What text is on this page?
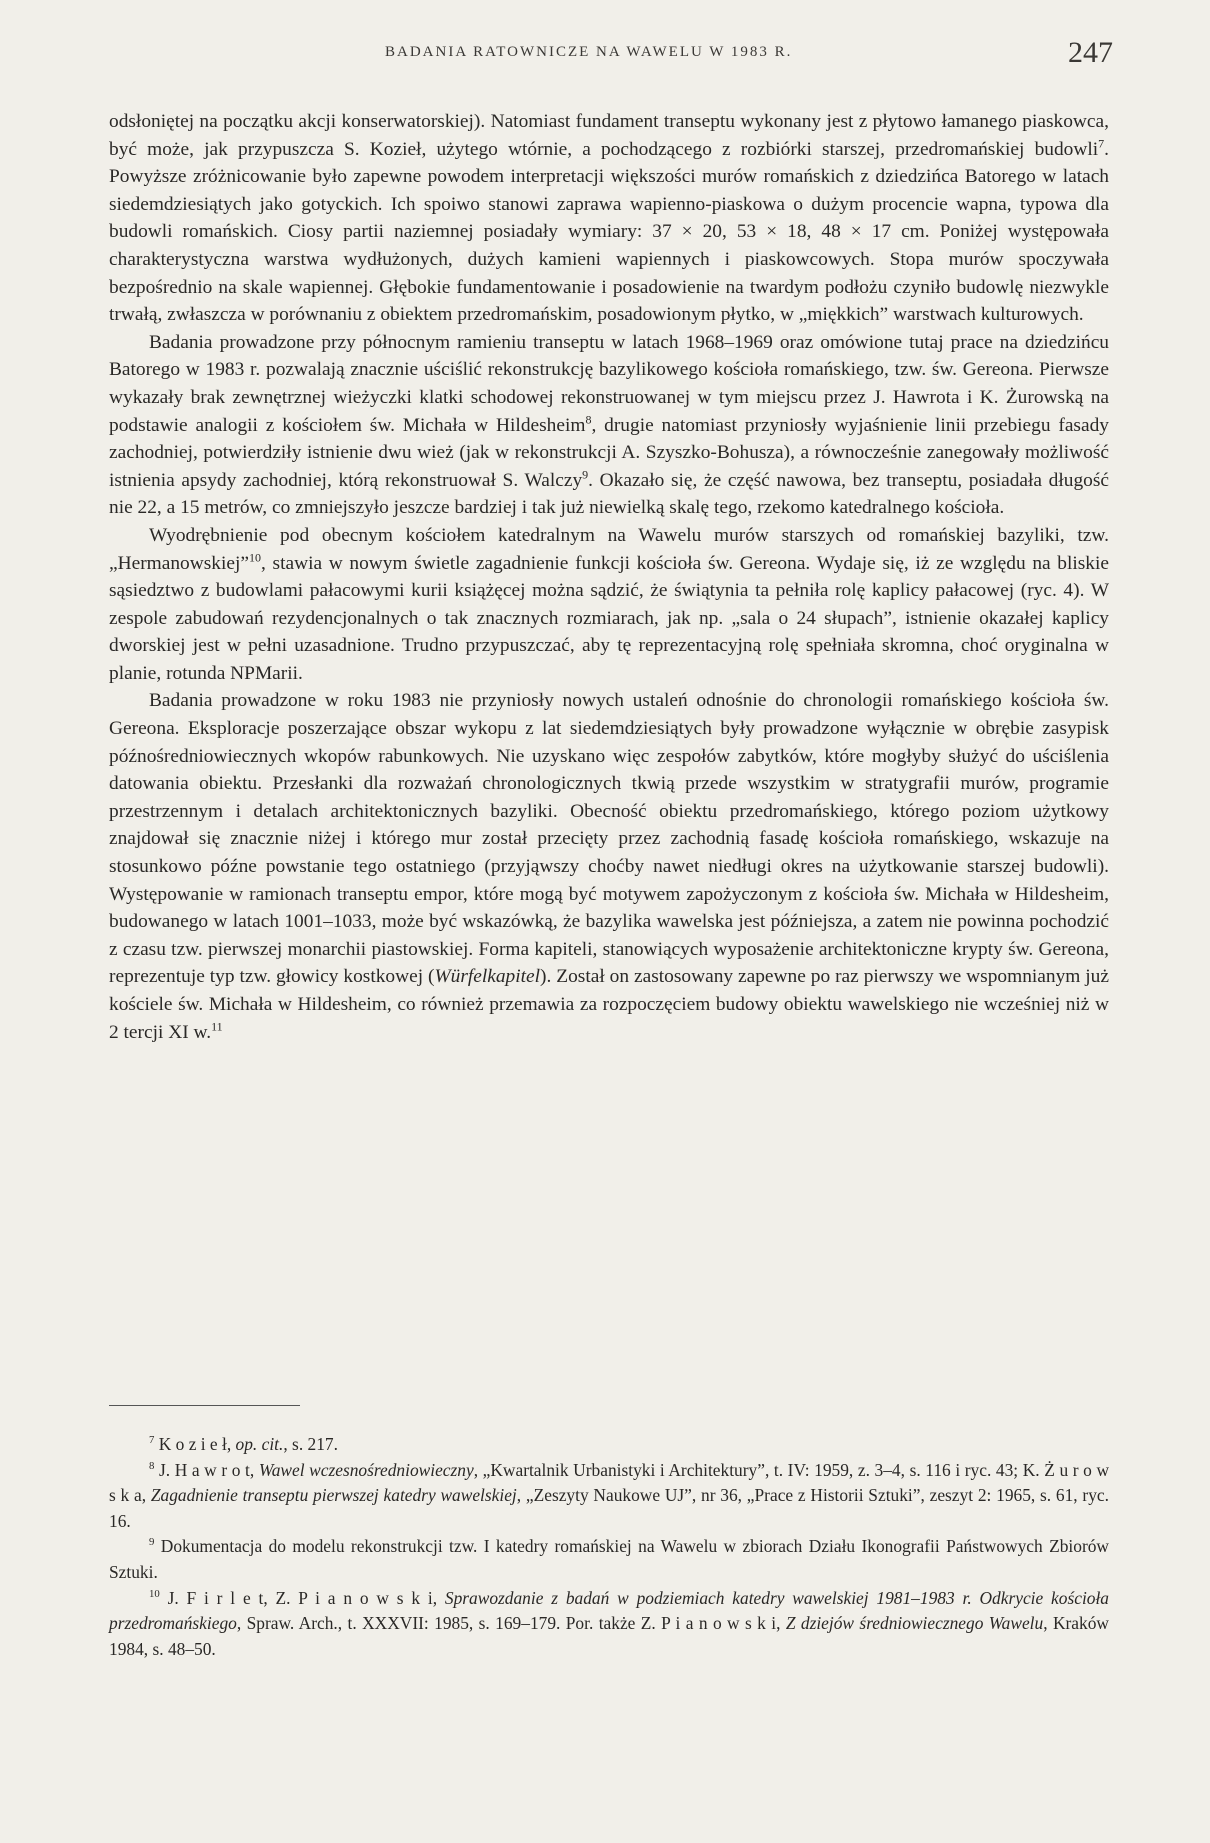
BADANIA RATOWNICZE NA WAWELU W 1983 R.	247

odsłoniętej na początku akcji konserwatorskiej). Natomiast fundament transeptu wykonany jest z płytowo łamanego piaskowca, być może, jak przypuszcza S. Kozieł, użytego wtórnie, a pochodzącego z rozbiórki starszej, przedromańskiej budowli$^7$. Powyższe zróżnicowanie było zapewne powodem interpretacji większości murów romańskich z dziedzińca Batorego w latach siedemdziesiątych jako gotyckich. Ich spoiwo stanowi zaprawa wapienno-piaskowa o dużym procencie wapna, typowa dla budowli romańskich. Ciosy partii naziemnej posiadały wymiary: 37 × 20, 53 × 18, 48 × 17 cm. Poniżej występowała charakterystyczna warstwa wydłużonych, dużych kamieni wapiennych i piaskowcowych. Stopa murów spoczywała bezpośrednio na skale wapiennej. Głębokie fundamentowanie i posadowienie na twardym podłożu czyniło budowlę niezwykle trwałą, zwłaszcza w porównaniu z obiektem przedromańskim, posadowionym płytko, w „miękkich” warstwach kulturowych.

Badania prowadzone przy północnym ramieniu transeptu w latach 1968–1969 oraz omówione tutaj prace na dziedzińcu Batorego w 1983 r. pozwalają znacznie uściślić rekonstrukcję bazylikowego kościoła romańskiego, tzw. św. Gereona. Pierwsze wykazały brak zewnętrznej wieżyczki klatki schodowej rekonstruowanej w tym miejscu przez J. Hawrota i K. Żurowską na podstawie analogii z kościołem św. Michała w Hildesheim$^8$, drugie natomiast przyniosły wyjaśnienie linii przebiegu fasady zachodniej, potwierdziły istnienie dwu wież (jak w rekonstrukcji A. Szyszko-Bohusza), a równocześnie zanegowały możliwość istnienia apsydy zachodniej, którą rekonstruował S. Walczy$^9$. Okazało się, że część nawowa, bez transeptu, posiadała długość nie 22, a 15 metrów, co zmniejszyło jeszcze bardziej i tak już niewielką skalę tego, rzekomo katedralnego kościoła.

Wyodrębnienie pod obecnym kościołem katedralnym na Wawelu murów starszych od romańskiej bazyliki, tzw. „Hermanowskiej”$^{10}$, stawia w nowym świetle zagadnienie funkcji kościoła św. Gereona. Wydaje się, iż ze względu na bliskie sąsiedztwo z budowlami pałacowymi kurii książęcej można sądzić, że świątynia ta pełniła rolę kaplicy pałacowej (ryc. 4). W zespole zabudowań rezydencjonalnych o tak znacznych rozmiarach, jak np. „sala o 24 słupach”, istnienie okazałej kaplicy dworskiej jest w pełni uzasadnione. Trudno przypuszczać, aby tę reprezentacyjną rolę spełniała skromna, choć oryginalna w planie, rotunda NPMarii.

Badania prowadzone w roku 1983 nie przyniosły nowych ustaleń odnośnie do chronologii romańskiego kościoła św. Gereona. Eksploracje poszerzające obszar wykopu z lat siedemdziesiątych były prowadzone wyłącznie w obrębie zasypisk późnośredniowiecznych wkopów rabunkowych. Nie uzyskano więc zespołów zabytków, które mogłyby służyć do uściślenia datowania obiektu. Przesłanki dla rozważań chronologicznych tkwią przede wszystkim w stratygrafii murów, programie przestrzennym i detalach architektonicznych bazyliki. Obecność obiektu przedromańskiego, którego poziom użytkowy znajdował się znacznie niżej i którego mur został przecięty przez zachodnią fasadę kościoła romańskiego, wskazuje na stosunkowo późne powstanie tego ostatniego (przyjąwszy choćby nawet niedługi okres na użytkowanie starszej budowli). Występowanie w ramionach transeptu empor, które mogą być motywem zapożyczonym z kościoła św. Michała w Hildesheim, budowanego w latach 1001–1033, może być wskazówką, że bazylika wawelska jest późniejsza, a zatem nie powinna pochodzić z czasu tzw. pierwszej monarchii piastowskiej. Forma kapiteli, stanowiących wyposażenie architektoniczne krypty św. Gereona, reprezentuje typ tzw. głowicy kostkowej (Würfelkapitel). Został on zastosowany zapewne po raz pierwszy we wspomnianym już kościele św. Michała w Hildesheim, co również przemawia za rozpoczęciem budowy obiektu wawelskiego nie wcześniej niż w 2 tercji XI w.$^{11}$

$^7$ K o z i e ł, op. cit., s. 217.

$^8$ J. H a w r o t, Wawel wczesnośredniowieczny, „Kwartalnik Urbanistyki i Architektury”, t. IV: 1959, z. 3–4, s. 116 i ryc. 43; K. Ż u r o w s k a, Zagadnienie transeptu pierwszej katedry wawelskiej, „Zeszyty Naukowe UJ”, nr 36, „Prace z Historii Sztuki”, zeszyt 2: 1965, s. 61, ryc. 16.

$^9$ Dokumentacja do modelu rekonstrukcji tzw. I katedry romańskiej na Wawelu w zbiorach Działu Ikonografii Państwowych Zbiorów Sztuki.

$^{10}$ J. F i r l e t, Z. P i a n o w s k i, Sprawozdanie z badań w podziemiach katedry wawelskiej 1981–1983 r. Odkrycie kościoła przedromańskiego, Spraw. Arch., t. XXXVII: 1985, s. 169–179. Por. także Z. P i a n o w s k i, Z dziejów średniowiecznego Wawelu, Kraków 1984, s. 48–50.
